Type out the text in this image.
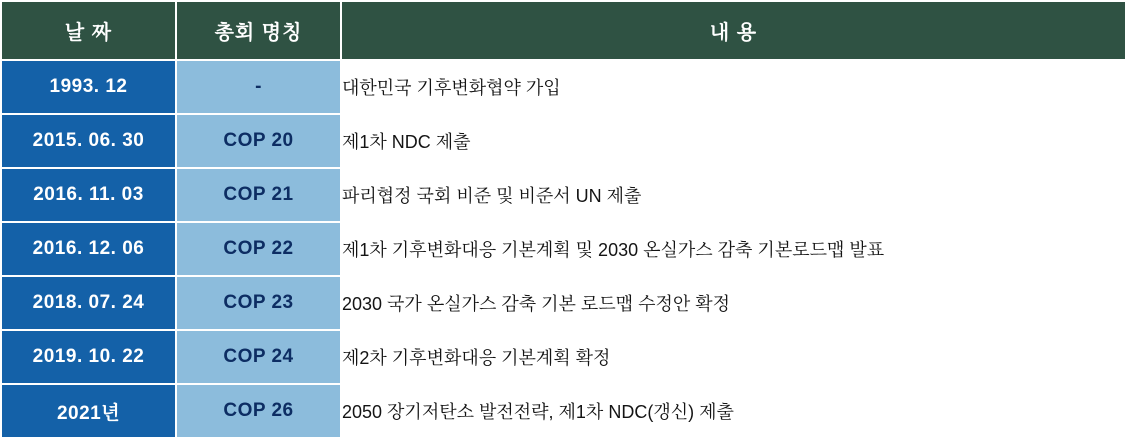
날 짜	총회 명칭	내 용
1993. 12	-	대한민국 기후변화협약 가입
2015. 06. 30	COP 20	제1차 NDC 제출
2016. 11. 03	COP 21	파리협정 국회 비준 및 비준서 UN 제출
2016. 12. 06	COP 22	제1차 기후변화대응 기본계획 및 2030 온실가스 감축 기본로드맵 발표
2018. 07. 24	COP 23	2030 국가 온실가스 감축 기본 로드맵 수정안 확정
2019. 10. 22	COP 24	제2차 기후변화대응 기본계획 확정
2021년	COP 26	2050 장기저탄소 발전전략, 제1차 NDC(갱신) 제출
